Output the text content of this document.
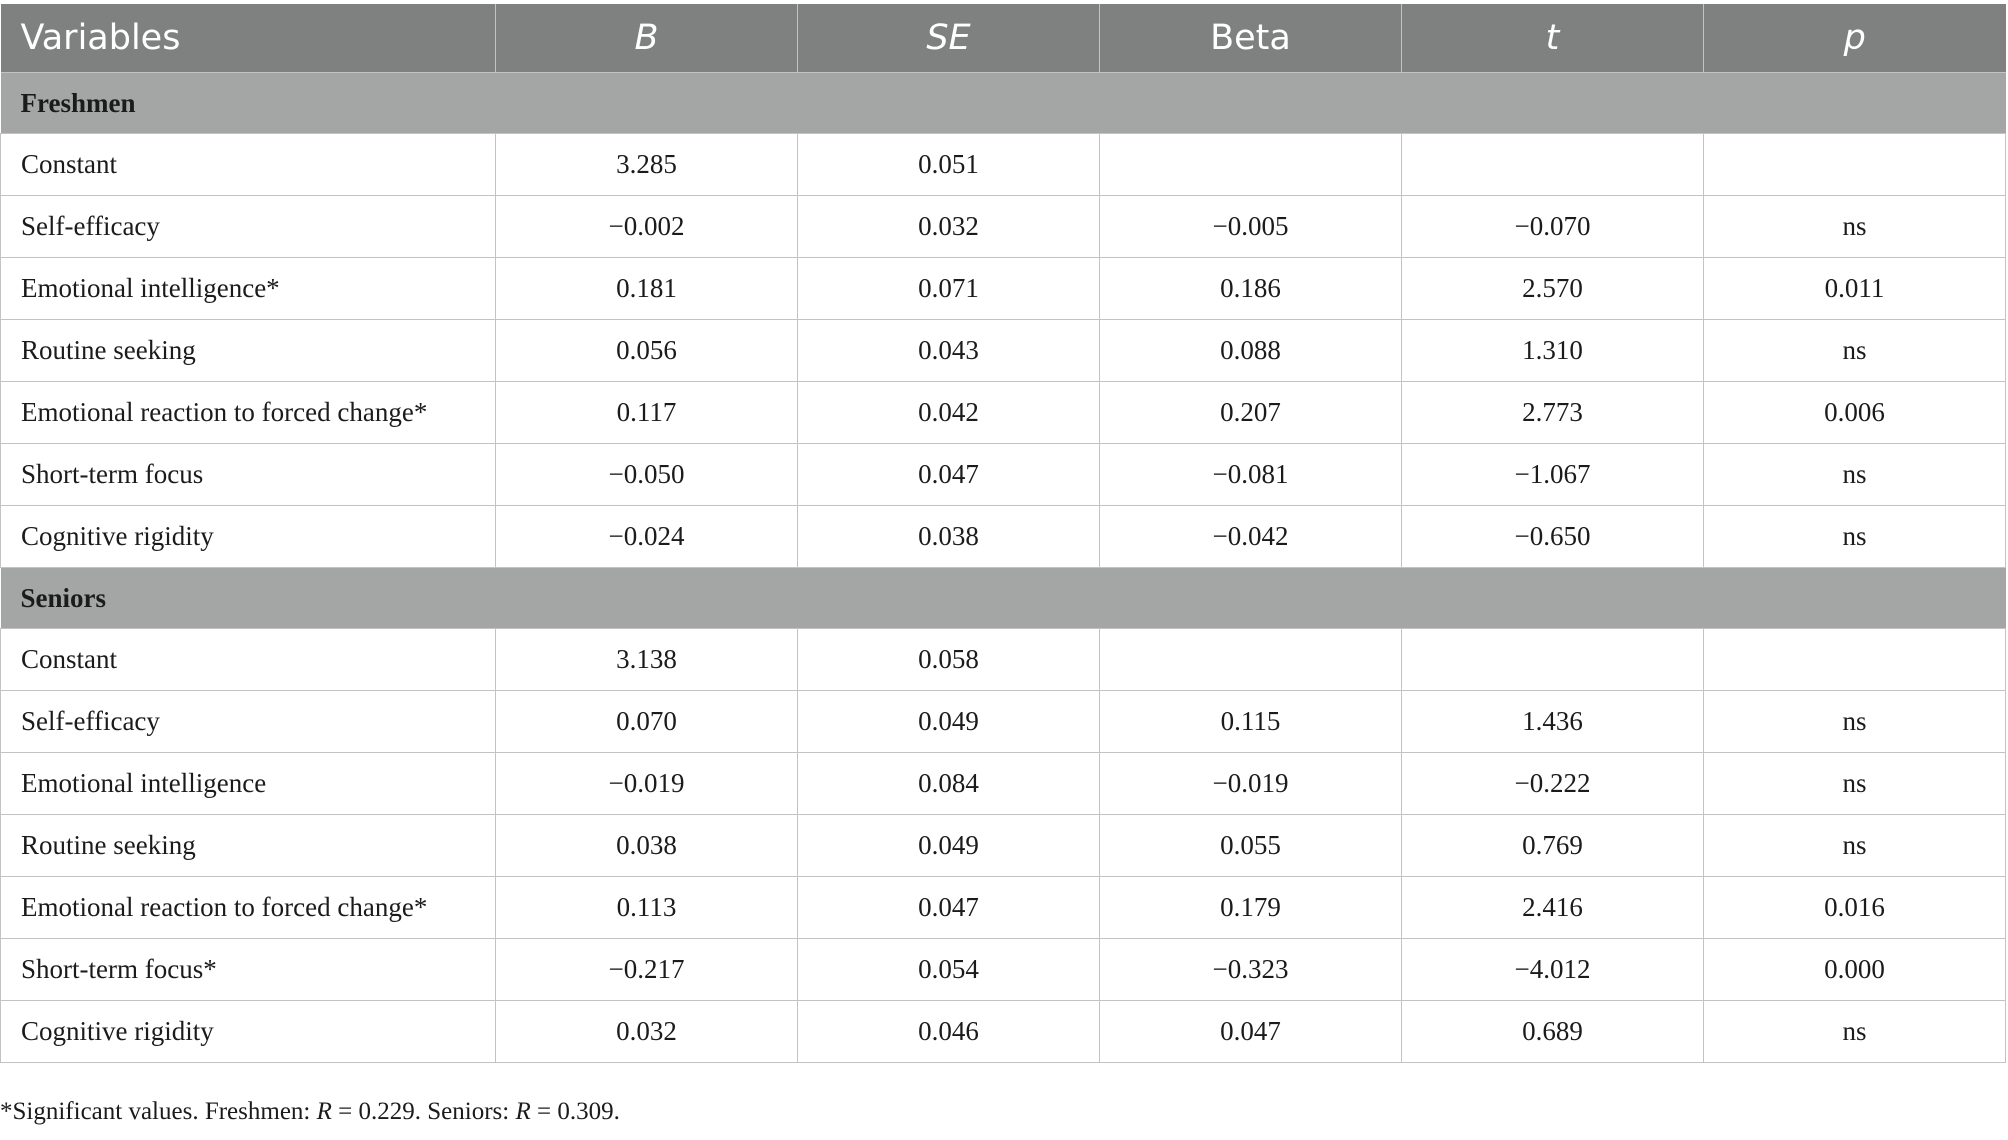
Variables	B	SE	Beta	t	p
Freshmen					
Constant	3.285	0.051			
Self-efficacy	−0.002	0.032	−0.005	−0.070	ns
Emotional intelligence*	0.181	0.071	0.186	2.570	0.011
Routine seeking	0.056	0.043	0.088	1.310	ns
Emotional reaction to forced change*	0.117	0.042	0.207	2.773	0.006
Short-term focus	−0.050	0.047	−0.081	−1.067	ns
Cognitive rigidity	−0.024	0.038	−0.042	−0.650	ns
Seniors					
Constant	3.138	0.058			
Self-efficacy	0.070	0.049	0.115	1.436	ns
Emotional intelligence	−0.019	0.084	−0.019	−0.222	ns
Routine seeking	0.038	0.049	0.055	0.769	ns
Emotional reaction to forced change*	0.113	0.047	0.179	2.416	0.016
Short-term focus*	−0.217	0.054	−0.323	−4.012	0.000
Cognitive rigidity	0.032	0.046	0.047	0.689	ns
*Significant values. Freshmen: R = 0.229. Seniors: R = 0.309.
